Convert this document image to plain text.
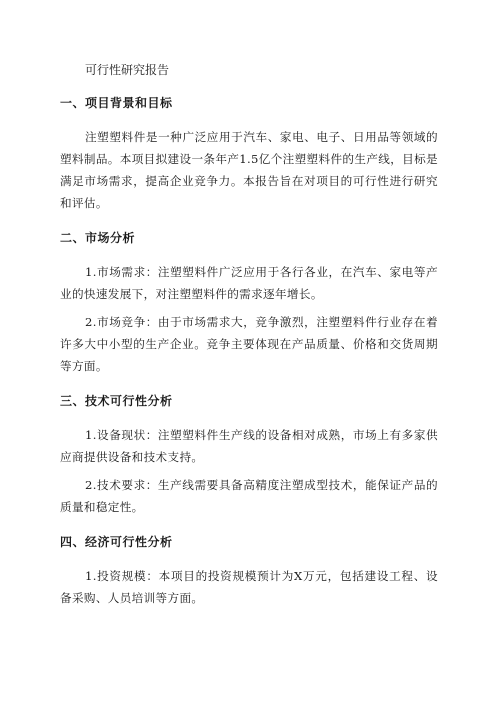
可行性研究报告

一、项目背景和目标

注塑塑料件是一种广泛应用于汽车、家电、电子、日用品等领域的塑料制品。本项目拟建设一条年产1.5亿个注塑塑料件的生产线，目标是满足市场需求，提高企业竞争力。本报告旨在对项目的可行性进行研究和评估。

二、市场分析

1.市场需求：注塑塑料件广泛应用于各行各业，在汽车、家电等产业的快速发展下，对注塑塑料件的需求逐年增长。

2.市场竞争：由于市场需求大，竞争激烈，注塑塑料件行业存在着许多大中小型的生产企业。竞争主要体现在产品质量、价格和交货周期等方面。

三、技术可行性分析

1.设备现状：注塑塑料件生产线的设备相对成熟，市场上有多家供应商提供设备和技术支持。

2.技术要求：生产线需要具备高精度注塑成型技术，能保证产品的质量和稳定性。

四、经济可行性分析

1.投资规模：本项目的投资规模预计为X万元，包括建设工程、设备采购、人员培训等方面。
